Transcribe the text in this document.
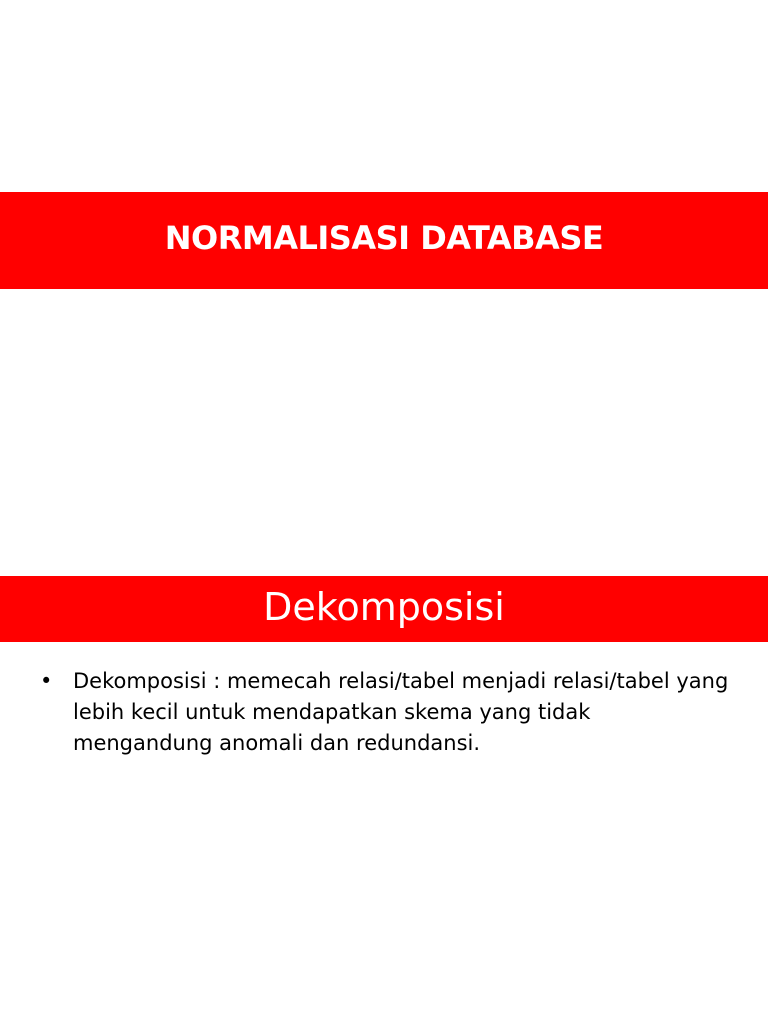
NORMALISASI DATABASE
Dekomposisi
• Dekomposisi : memecah relasi/tabel menjadi relasi/tabel yang lebih kecil untuk mendapatkan skema yang tidak mengandung anomali dan redundansi.
